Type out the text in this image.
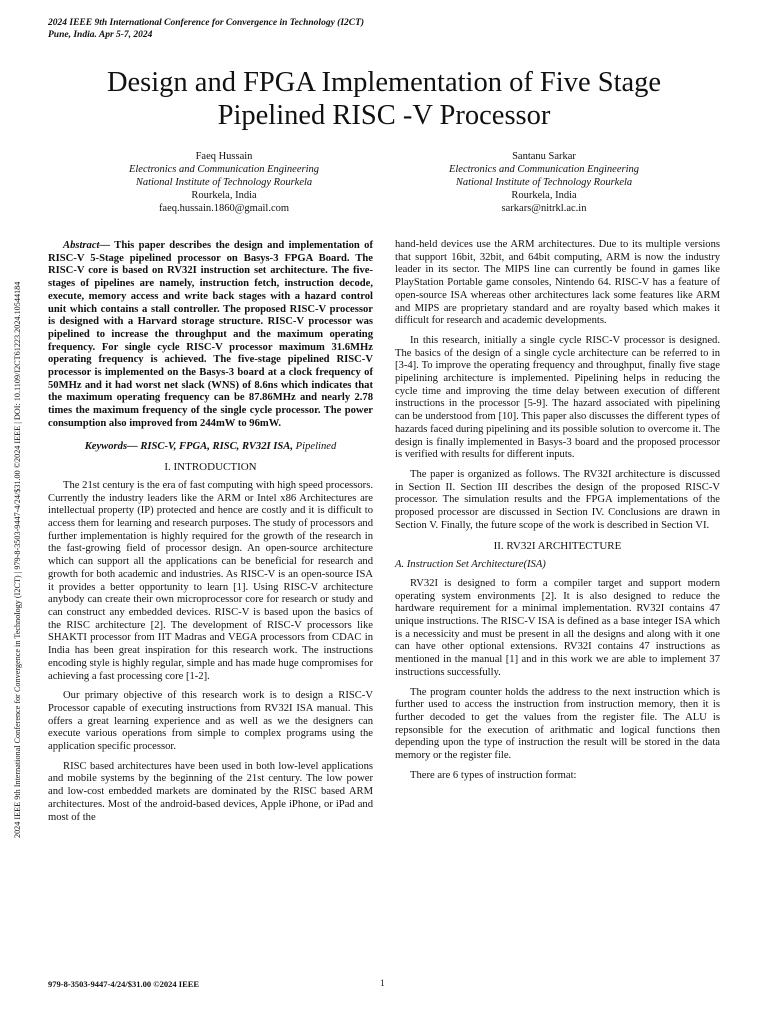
2024 IEEE 9th International Conference for Convergence in Technology (I2CT)
Pune, India. Apr 5-7, 2024
Design and FPGA Implementation of Five Stage
Pipelined RISC -V Processor
Faeq Hussain
Electronics and Communication Engineering
National Institute of Technology Rourkela
Rourkela, India
faeq.hussain.1860@gmail.com
Santanu Sarkar
Electronics and Communication Engineering
National Institute of Technology Rourkela
Rourkela, India
sarkars@nitrkl.ac.in

Abstract— This paper describes the design and implementation of RISC-V 5-Stage pipelined processor on Basys-3 FPGA Board. The RISC-V core is based on RV32I instruction set architecture. The five-stages of pipelines are namely, instruction fetch, instruction decode, execute, memory access and write back stages with a hazard control unit which contains a stall controller. The proposed RISC-V processor is designed with a Harvard storage structure. RISC-V processor was pipelined to increase the throughput and the maximum operating frequency. For single cycle RISC-V processor maximum 31.6MHz operating frequency is achieved. The five-stage pipelined RISC-V processor is implemented on the Basys-3 board at a clock frequency of 50MHz and it had worst net slack (WNS) of 8.6ns which indicates that the maximum operating frequency can be 87.86MHz and nearly 2.78 times the maximum frequency of the single cycle processor. The power consumption also improved from 244mW to 96mW.

Keywords— RISC-V, FPGA, RISC, RV32I ISA, Pipelined

I. INTRODUCTION

The 21st century is the era of fast computing with high speed processors. Currently the industry leaders like the ARM or Intel x86 Architectures are intellectual property (IP) protected and hence are costly and it is difficult to access them for learning and research purposes. The study of processors and further implementation is highly required for the growth of the research in the fast-growing field of processor design. An open-source architecture which can support all the applications can be beneficial for research and growth for both academic and industries. As RISC-V is an open-source ISA it provides a better opportunity to learn [1]. Using RISC-V architecture anybody can create their own microprocessor core for research or study and can construct any embedded devices. RISC-V is based upon the basics of the RISC architecture [2]. The development of RISC-V processors like SHAKTI processor from IIT Madras and VEGA processors from CDAC in India has been great inspiration for this research work. The instructions encoding style is highly regular, simple and has made huge compromises for achieving a fast processing core [1-2].

Our primary objective of this research work is to design a RISC-V Processor capable of executing instructions from RV32I ISA manual. This offers a great learning experience and as well as we the designers can execute various operations from simple to complex programs using the application specific processor.

RISC based architectures have been used in both low-level applications and mobile systems by the beginning of the 21st century. The low power and low-cost embedded markets are dominated by the RISC based ARM architectures. Most of the android-based devices, Apple iPhone, or iPad and most of the

hand-held devices use the ARM architectures. Due to its multiple versions that support 16bit, 32bit, and 64bit computing, ARM is now the industry leader in its sector. The MIPS line can currently be found in games like PlayStation Portable game consoles, Nintendo 64. RISC-V has a feature of open-source ISA whereas other architectures lack some features like ARM and MIPS are proprietary standard and are royalty based which makes it difficult for research and academic developments.

In this research, initially a single cycle RISC-V processor is designed. The basics of the design of a single cycle architecture can be referred to in [3-4]. To improve the operating frequency and throughput, finally five stage pipelining architecture is implemented. Pipelining helps in reducing the cycle time and improving the time delay between execution of different instructions in the processor [5-9]. The hazard associated with pipelining can be understood from [10]. This paper also discusses the different types of hazards faced during pipelining and its possible solution to overcome it. The design is finally implemented in Basys-3 board and the proposed processor is verified with results for different inputs.

The paper is organized as follows. The RV32I architecture is discussed in Section II. Section III describes the design of the proposed RISC-V processor. The simulation results and the FPGA implementations of the proposed processor are discussed in Section IV. Conclusions are drawn in Section V. Finally, the future scope of the work is described in Section VI.

II. RV32I ARCHITECTURE

A. Instruction Set Architecture(ISA)

RV32I is designed to form a compiler target and support modern operating system environments [2]. It is also designed to reduce the hardware requirement for a minimal implementation. RV32I contains 47 unique instructions. The RISC-V ISA is defined as a base integer ISA which is a necessicity and must be present in all the designs and along with it one can have other optional extensions. RV32I contains 47 instructions as mentioned in the manual [1] and in this work we are able to implement 37 instructions successfully.

The program counter holds the address to the next instruction which is further used to access the instruction from instruction memory, then it is further decoded to get the values from the register file. The ALU is repsonsible for the execution of arithmatic and logical functions then depending upon the type of instruction the result will be stored in the data memory or the register file.

There are 6 types of instruction format:

2024 IEEE 9th International Conference for Convergence in Technology (I2CT) | 979-8-3503-9447-4/24/$31.00 ©2024 IEEE | DOI: 10.1109/I2CT61223.2024.10544184
979-8-3503-9447-4/24/$31.00 ©2024 IEEE	1
